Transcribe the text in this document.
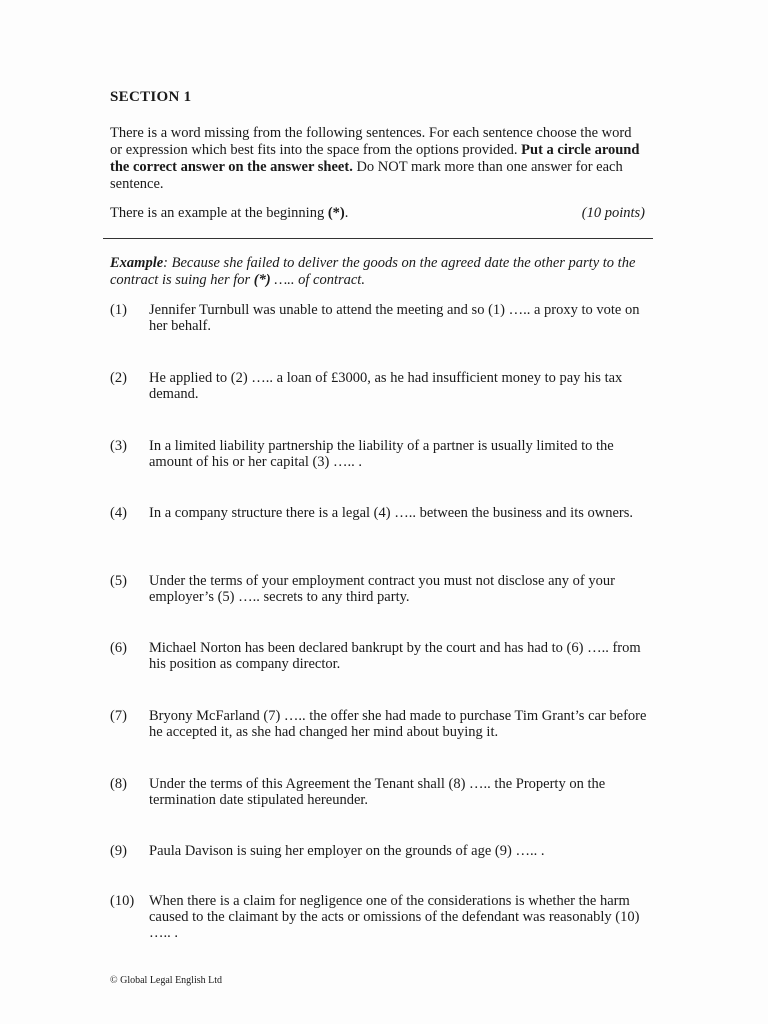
SECTION 1
There is a word missing from the following sentences. For each sentence choose the word or expression which best fits into the space from the options provided. Put a circle around the correct answer on the answer sheet. Do NOT mark more than one answer for each sentence.
There is an example at the beginning (*).	(10 points)
Example: Because she failed to deliver the goods on the agreed date the other party to the contract is suing her for (*) ….. of contract.
(1) Jennifer Turnbull was unable to attend the meeting and so (1) ….. a proxy to vote on her behalf.
(2) He applied to (2) ….. a loan of £3000, as he had insufficient money to pay his tax demand.
(3) In a limited liability partnership the liability of a partner is usually limited to the amount of his or her capital (3) ….. .
(4) In a company structure there is a legal (4) ….. between the business and its owners.
(5) Under the terms of your employment contract you must not disclose any of your employer’s (5) ….. secrets to any third party.
(6) Michael Norton has been declared bankrupt by the court and has had to (6) ….. from his position as company director.
(7) Bryony McFarland (7) ….. the offer she had made to purchase Tim Grant’s car before he accepted it, as she had changed her mind about buying it.
(8) Under the terms of this Agreement the Tenant shall (8) ….. the Property on the termination date stipulated hereunder.
(9) Paula Davison is suing her employer on the grounds of age (9) ….. .
(10) When there is a claim for negligence one of the considerations is whether the harm caused to the claimant by the acts or omissions of the defendant was reasonably (10) ….. .
© Global Legal English Ltd
